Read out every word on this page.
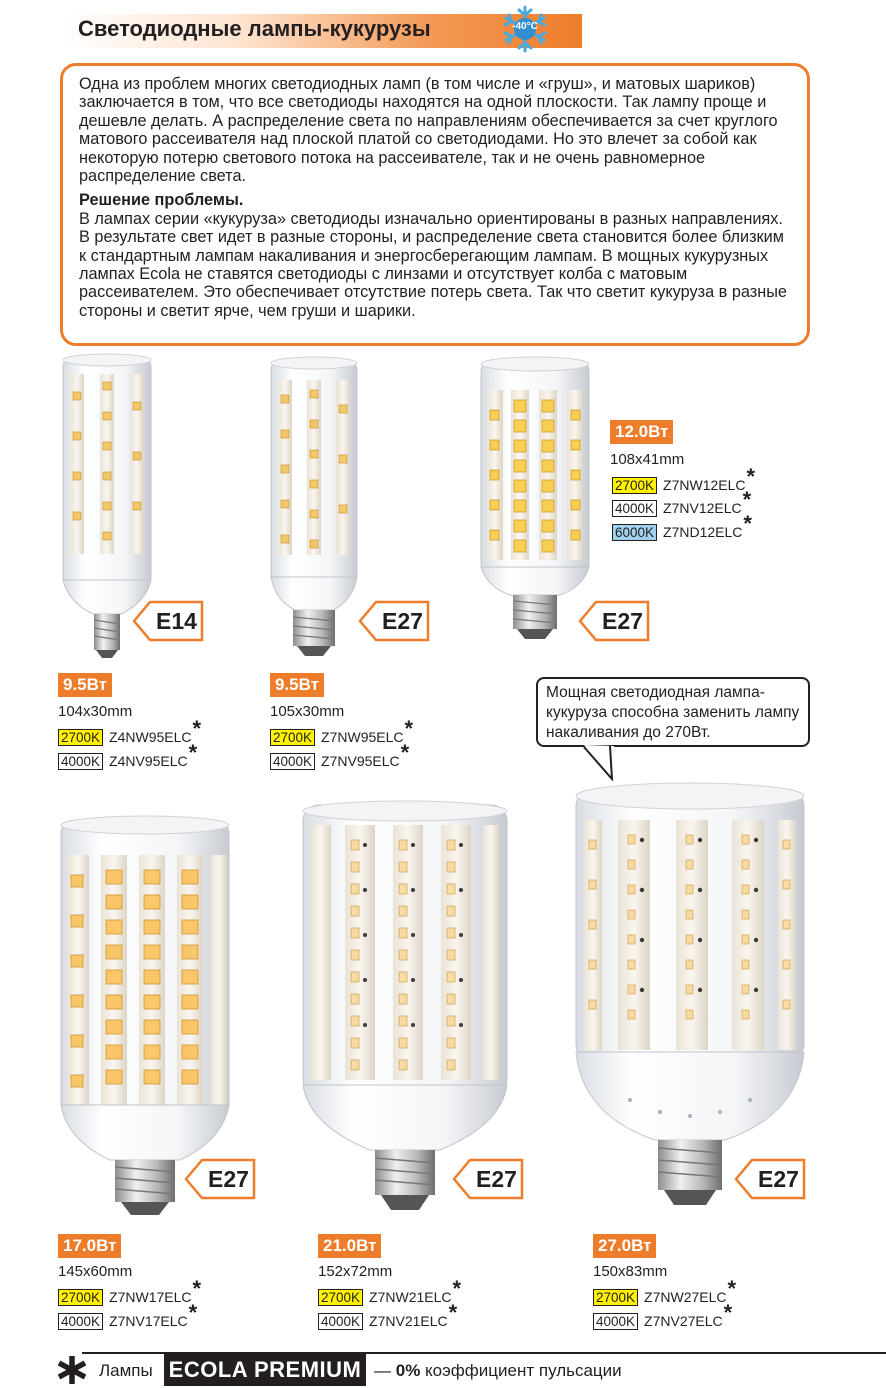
Светодиодные лампы-кукурузы	-40°C

Одна из проблем многих светодиодных ламп (в том числе и «груш», и матовых шариков) заключается в том, что все светодиоды находятся на одной плоскости. Так лампу проще и дешевле делать. А распределение света по направлениям обеспечивается за счет круглого матового рассеивателя над плоской платой со светодиодами. Но это влечет за собой как некоторую потерю светового потока на рассеивателе, так и не очень равномерное распределение света.

Решение проблемы.

В лампах серии «кукуруза» светодиоды изначально ориентированы в разных направлениях. В результате свет идет в разные стороны, и распределение света становится более близким к стандартным лампам накаливания и энергосберегающим лампам. В мощных кукурузных лампах Ecola не ставятся светодиоды с линзами и отсутствует колба с матовым рассеивателем. Это обеспечивает отсутствие потерь света. Так что светит кукуруза в разные стороны и светит ярче, чем груши и шарики.

E14	E27	E27
12.0Вт
108x41mm
2700K Z7NW12ELC*
4000K Z7NV12ELC*
6000K Z7ND12ELC*
9.5Вт
104x30mm
2700K Z4NW95ELC*
4000K Z4NV95ELC*
9.5Вт
105x30mm
2700K Z7NW95ELC*
4000K Z7NV95ELC*
Мощная светодиодная лампа-кукуруза способна заменить лампу накаливания до 270Вт.
E27	E27	E27
17.0Вт
145x60mm
2700K Z7NW17ELC*
4000K Z7NV17ELC*
21.0Вт
152x72mm
2700K Z7NW21ELC*
4000K Z7NV21ELC*
27.0Вт
150x83mm
2700K Z7NW27ELC*
4000K Z7NV27ELC*
Лампы ECOLA PREMIUM — 0% коэффициент пульсации
